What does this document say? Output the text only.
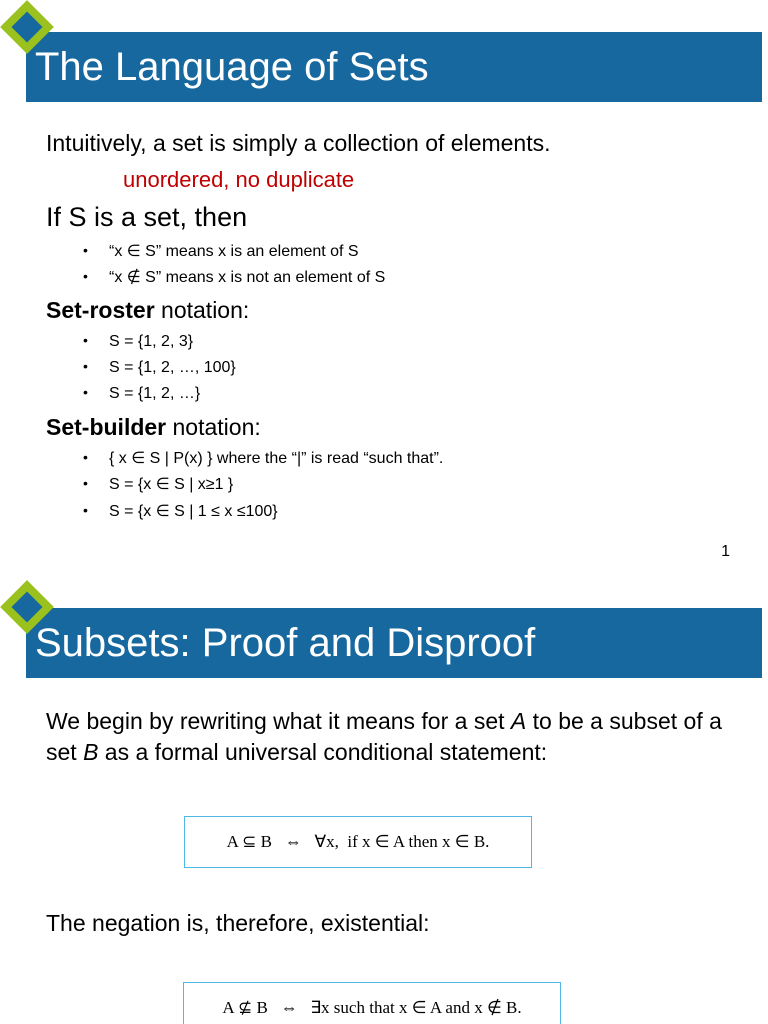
The Language of Sets
Intuitively, a set is simply a collection of elements.
unordered, no duplicate
If S is a set, then
• “x ∈ S” means x is an element of S
• “x ∉ S” means x is not an element of S
Set-roster notation:
• S = {1, 2, 3}
• S = {1, 2, …, 100}
• S = {1, 2, …}
Set-builder notation:
• { x ∈ S | P(x) } where the “|” is read “such that”.
• S = {x ∈ S | x≥1 }
• S = {x ∈ S | 1 ≤ x ≤100}
1
Subsets: Proof and Disproof
We begin by rewriting what it means for a set A to be a subset of a set B as a formal universal conditional statement:
A ⊆ B   ⇔   ∀x,  if x ∈ A then x ∈ B.
The negation is, therefore, existential:
A ⊈ B   ⇔   ∃x such that x ∈ A and x ∉ B.
